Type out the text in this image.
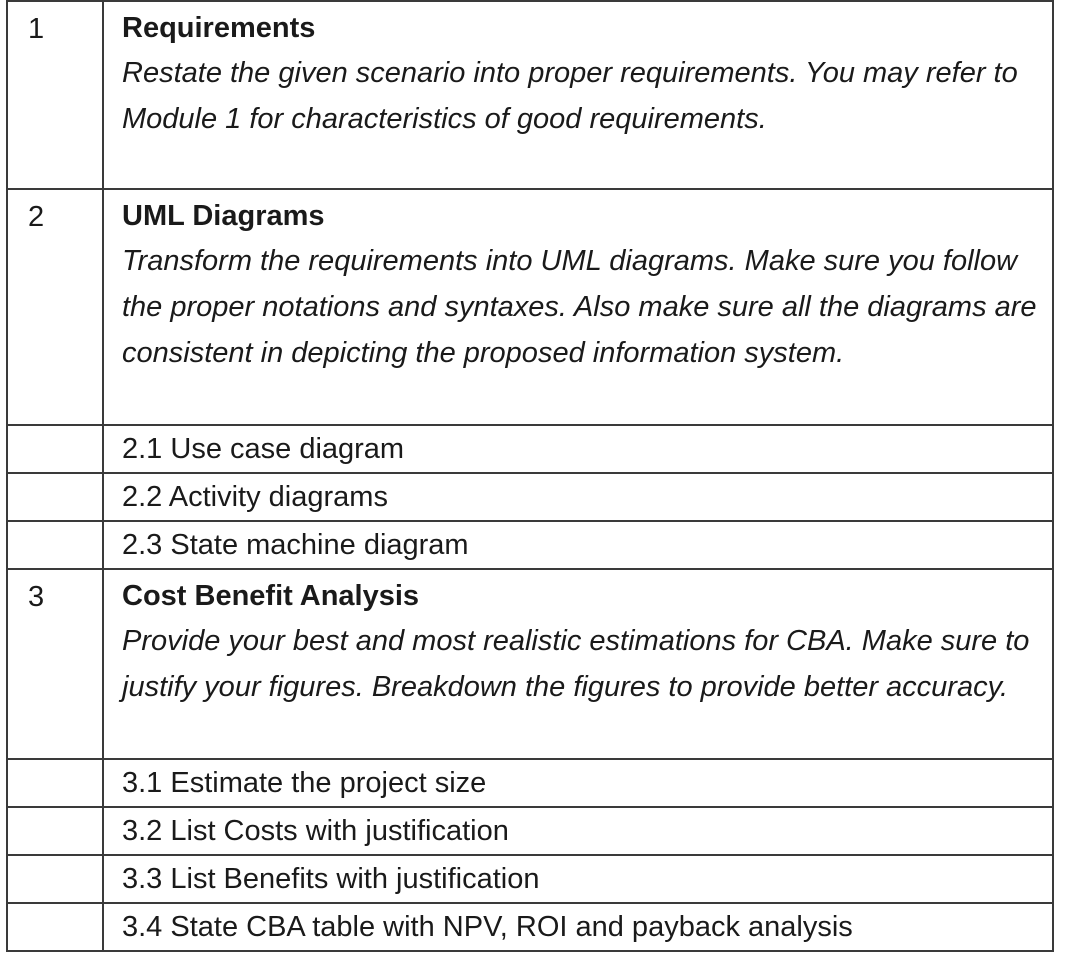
1	Requirements
Restate the given scenario into proper requirements. You may refer to Module 1 for characteristics of good requirements.

2	UML Diagrams
Transform the requirements into UML diagrams. Make sure you follow the proper notations and syntaxes. Also make sure all the diagrams are consistent in depicting the proposed information system.

	2.1 Use case diagram
	2.2 Activity diagrams
	2.3 State machine diagram
3	Cost Benefit Analysis
Provide your best and most realistic estimations for CBA. Make sure to justify your figures. Breakdown the figures to provide better accuracy.

	3.1 Estimate the project size
	3.2 List Costs with justification
	3.3 List Benefits with justification
	3.4 State CBA table with NPV, ROI and payback analysis
